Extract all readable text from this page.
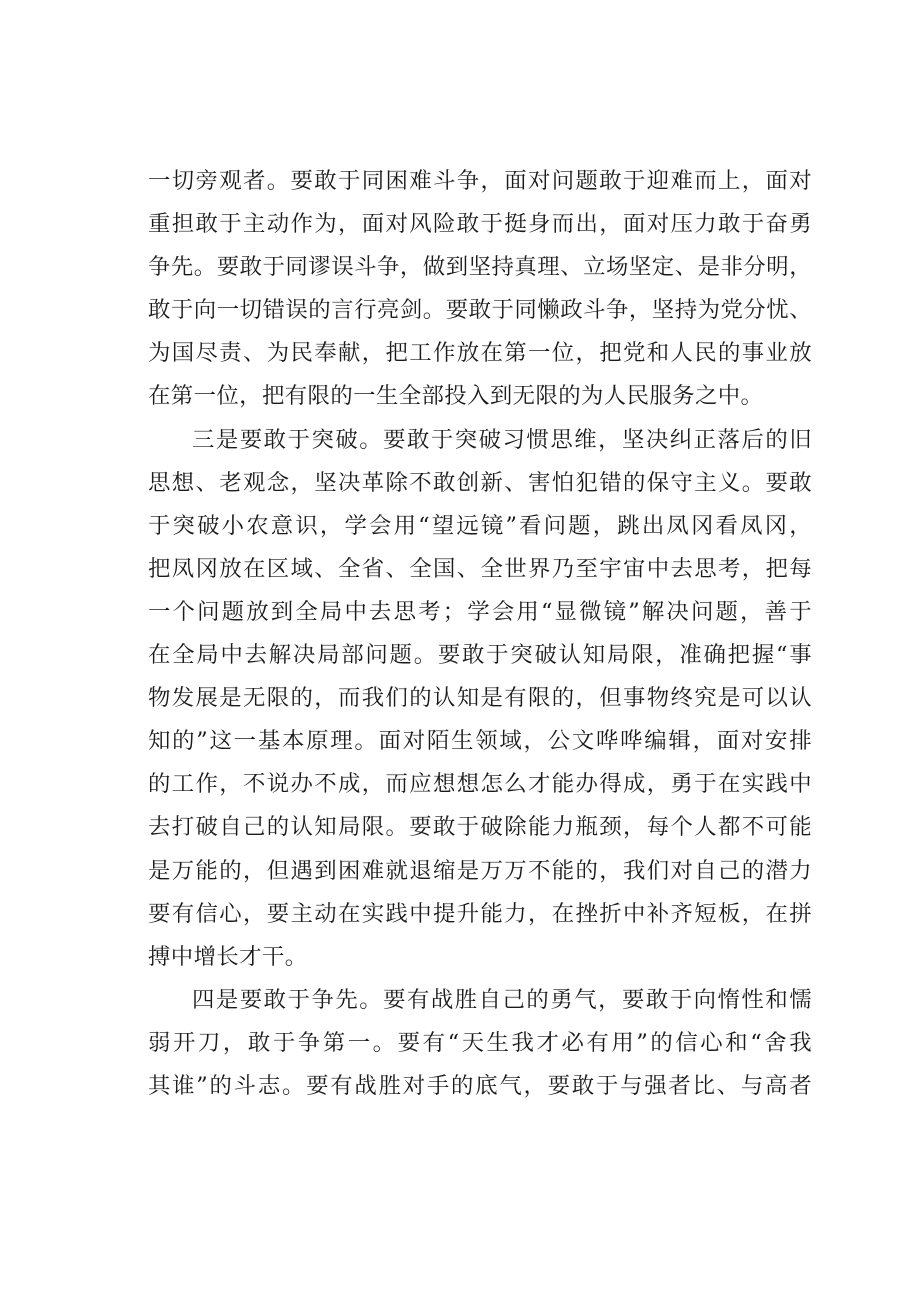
一切旁观者。要敢于同困难斗争，面对问题敢于迎难而上，面对
重担敢于主动作为，面对风险敢于挺身而出，面对压力敢于奋勇
争先。要敢于同谬误斗争，做到坚持真理、立场坚定、是非分明，
敢于向一切错误的言行亮剑。要敢于同懒政斗争，坚持为党分忧、
为国尽责、为民奉献，把工作放在第一位，把党和人民的事业放
在第一位，把有限的一生全部投入到无限的为人民服务之中。
三是要敢于突破。要敢于突破习惯思维，坚决纠正落后的旧
思想、老观念，坚决革除不敢创新、害怕犯错的保守主义。要敢
于突破小农意识，学会用“望远镜”看问题，跳出凤冈看凤冈，
把凤冈放在区域、全省、全国、全世界乃至宇宙中去思考，把每
一个问题放到全局中去思考；学会用“显微镜”解决问题，善于
在全局中去解决局部问题。要敢于突破认知局限，准确把握“事
物发展是无限的，而我们的认知是有限的，但事物终究是可以认
知的”这一基本原理。面对陌生领域，公文哗哗编辑，面对安排
的工作，不说办不成，而应想想怎么才能办得成，勇于在实践中
去打破自己的认知局限。要敢于破除能力瓶颈，每个人都不可能
是万能的，但遇到困难就退缩是万万不能的，我们对自己的潜力
要有信心，要主动在实践中提升能力，在挫折中补齐短板，在拼
搏中增长才干。
四是要敢于争先。要有战胜自己的勇气，要敢于向惰性和懦
弱开刀，敢于争第一。要有“天生我才必有用”的信心和“舍我
其谁”的斗志。要有战胜对手的底气，要敢于与强者比、与高者
